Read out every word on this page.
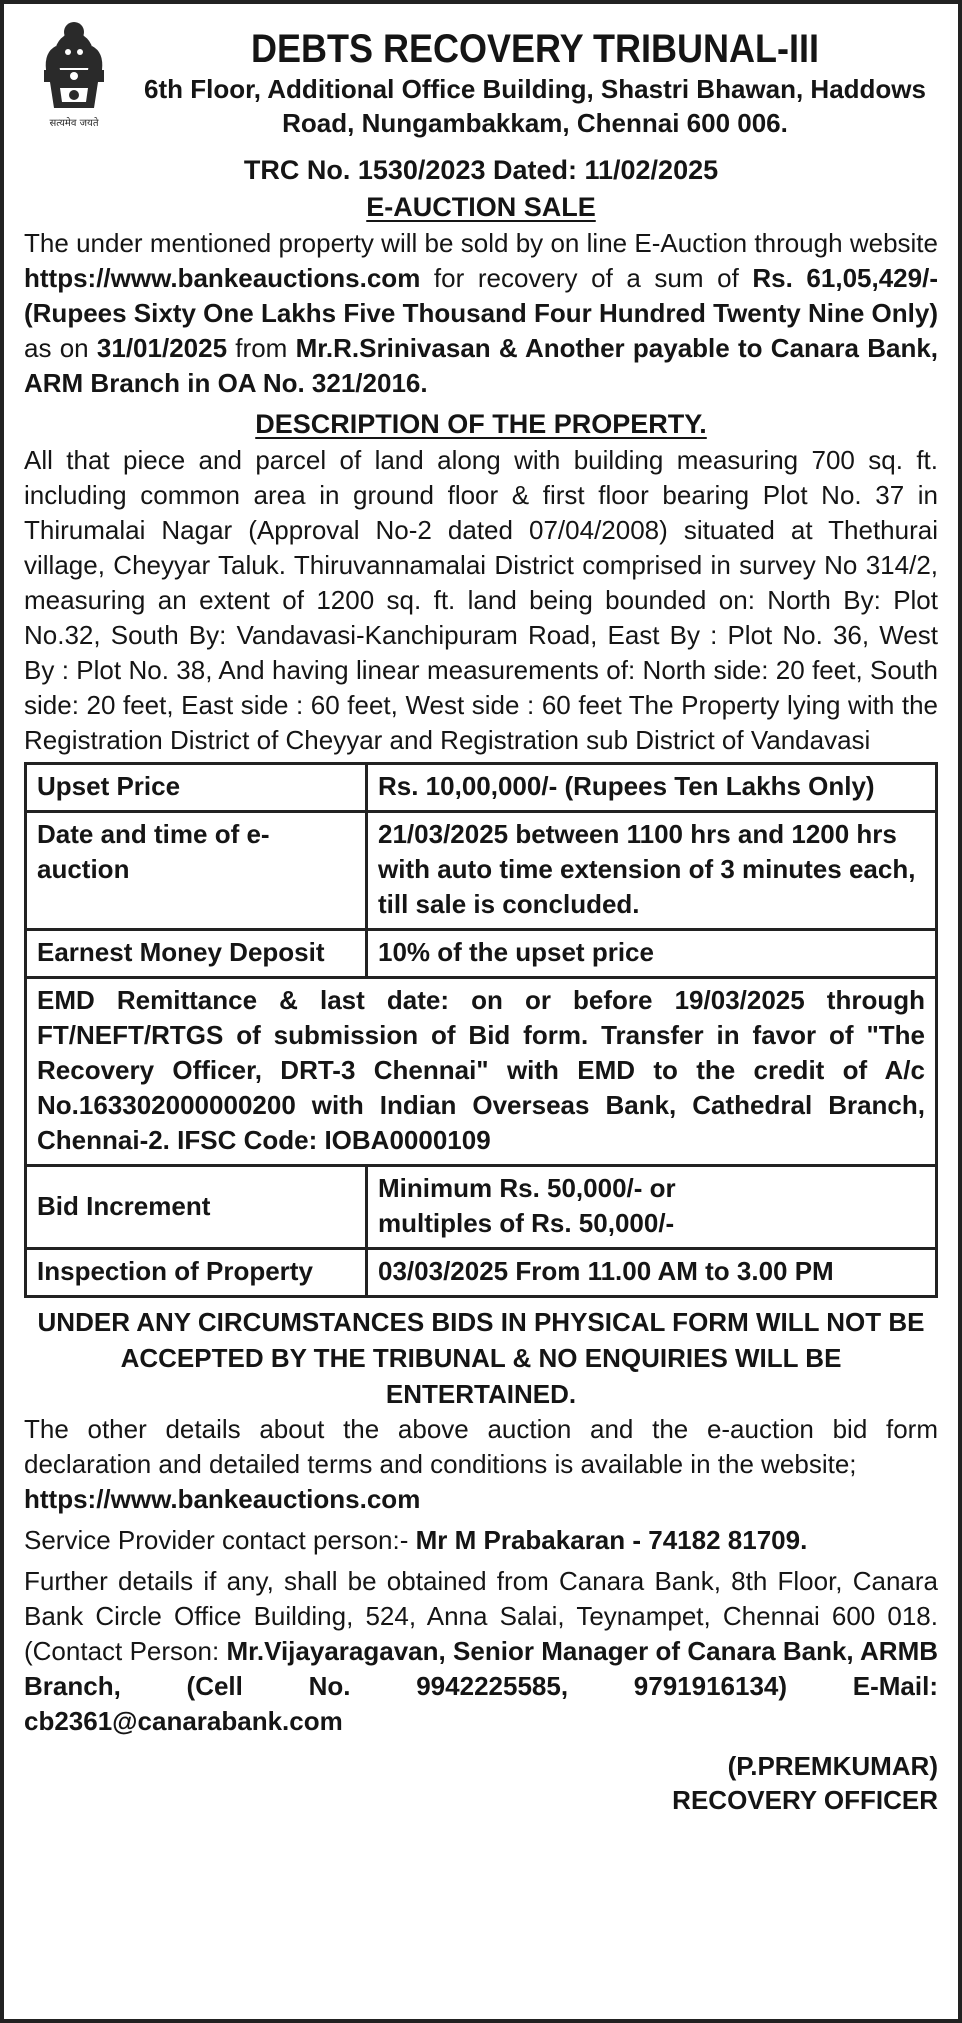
सत्यमेव जयते
DEBTS RECOVERY TRIBUNAL-III
6th Floor, Additional Office Building, Shastri Bhawan, Haddows
Road, Nungambakkam, Chennai 600 006.
TRC No. 1530/2023 Dated: 11/02/2025
E-AUCTION SALE

The under mentioned property will be sold by on line E-Auction through website https://www.bankeauctions.com for recovery of a sum of Rs. 61,05,429/- (Rupees Sixty One Lakhs Five Thousand Four Hundred Twenty Nine Only) as on 31/01/2025 from Mr.R.Srinivasan & Another payable to Canara Bank, ARM Branch in OA No. 321/2016.

DESCRIPTION OF THE PROPERTY.

All that piece and parcel of land along with building measuring 700 sq. ft. including common area in ground floor & first floor bearing Plot No. 37 in Thirumalai Nagar (Approval No-2 dated 07/04/2008) situated at Thethurai village, Cheyyar Taluk. Thiruvannamalai District comprised in survey No 314/2, measuring an extent of 1200 sq. ft. land being bounded on: North By: Plot No.32, South By: Vandavasi-Kanchipuram Road, East By : Plot No. 36, West By : Plot No. 38, And having linear measurements of: North side: 20 feet, South side: 20 feet, East side : 60 feet, West side : 60 feet The Property lying with the Registration District of Cheyyar and Registration sub District of Vandavasi

Upset Price	Rs. 10,00,000/- (Rupees Ten Lakhs Only)
Date and time of e-auction	21/03/2025 between 1100 hrs and 1200 hrs with auto time extension of 3 minutes each, till sale is concluded.
Earnest Money Deposit	10% of the upset price
EMD Remittance & last date: on or before 19/03/2025 through FT/NEFT/RTGS of submission of Bid form. Transfer in favor of "The Recovery Officer, DRT-3 Chennai" with EMD to the credit of A/c No.163302000000200 with Indian Overseas Bank, Cathedral Branch, Chennai-2. IFSC Code: IOBA0000109	
Bid Increment	Minimum Rs. 50,000/- or
multiples of Rs. 50,000/-

Inspection of Property	03/03/2025 From 11.00 AM to 3.00 PM
UNDER ANY CIRCUMSTANCES BIDS IN PHYSICAL FORM WILL NOT BE ACCEPTED BY THE TRIBUNAL & NO ENQUIRIES WILL BE ENTERTAINED.

The other details about the above auction and the e-auction bid form declaration and detailed terms and conditions is available in the website;
https://www.bankeauctions.com

Service Provider contact person:- Mr M Prabakaran - 74182 81709.

Further details if any, shall be obtained from Canara Bank, 8th Floor, Canara Bank Circle Office Building, 524, Anna Salai, Teynampet, Chennai 600 018. (Contact Person: Mr.Vijayaragavan, Senior Manager of Canara Bank, ARMB Branch, (Cell No. 9942225585, 9791916134) E-Mail: cb2361@canarabank.com

(P.PREMKUMAR)
RECOVERY OFFICER
